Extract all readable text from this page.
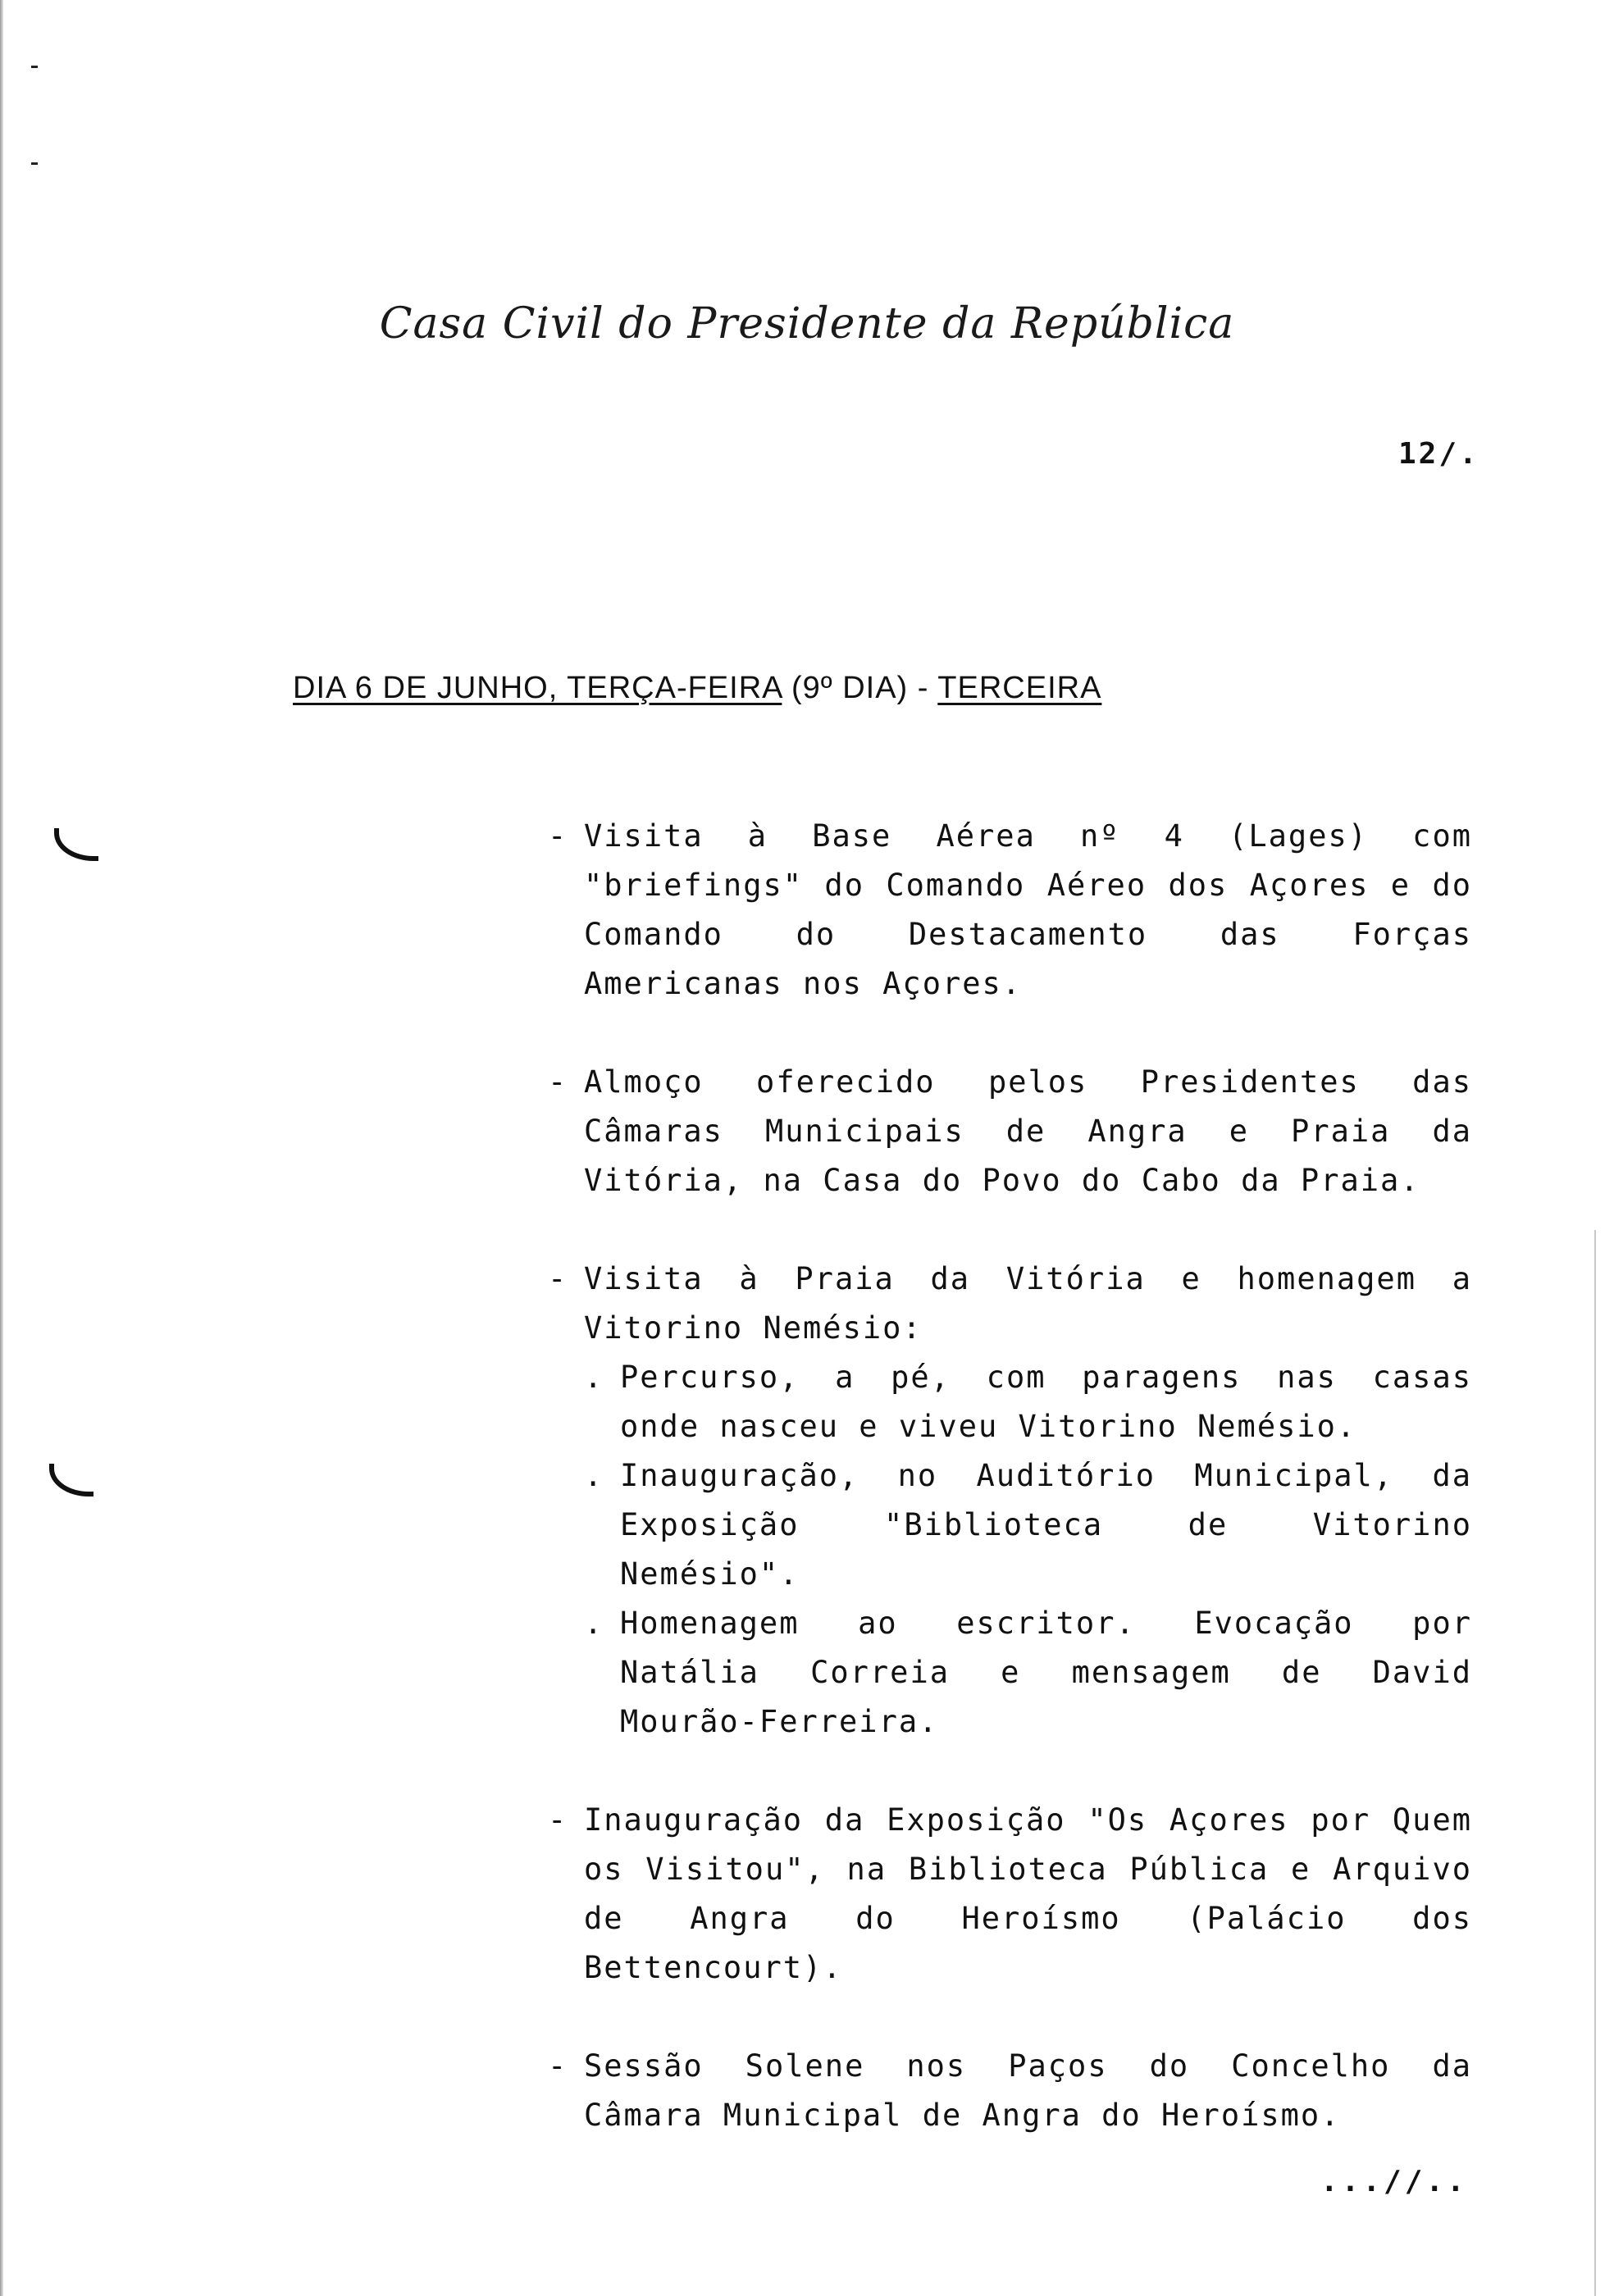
Casa Civil do Presidente da República
12/.
DIA 6 DE JUNHO, TERÇA-FEIRA (9º DIA) - TERCEIRA
- Visita à Base Aérea nº 4 (Lages) com "briefings" do Comando Aéreo dos Açores e do Comando do Destacamento das Forças Americanas nos Açores.
- Almoço oferecido pelos Presidentes das Câmaras Municipais de Angra e Praia da Vitória, na Casa do Povo do Cabo da Praia.
- Visita à Praia da Vitória e homenagem a Vitorino Nemésio:
. Percurso, a pé, com paragens nas casas onde nasceu e viveu Vitorino Nemésio.
. Inauguração, no Auditório Municipal, da Exposição "Biblioteca de Vitorino Nemésio".
. Homenagem ao escritor. Evocação por Natália Correia e mensagem de David Mourão-Ferreira.
- Inauguração da Exposição "Os Açores por Quem os Visitou", na Biblioteca Pública e Arquivo de Angra do Heroísmo (Palácio dos Bettencourt).
- Sessão Solene nos Paços do Concelho da Câmara Municipal de Angra do Heroísmo.
...//..
